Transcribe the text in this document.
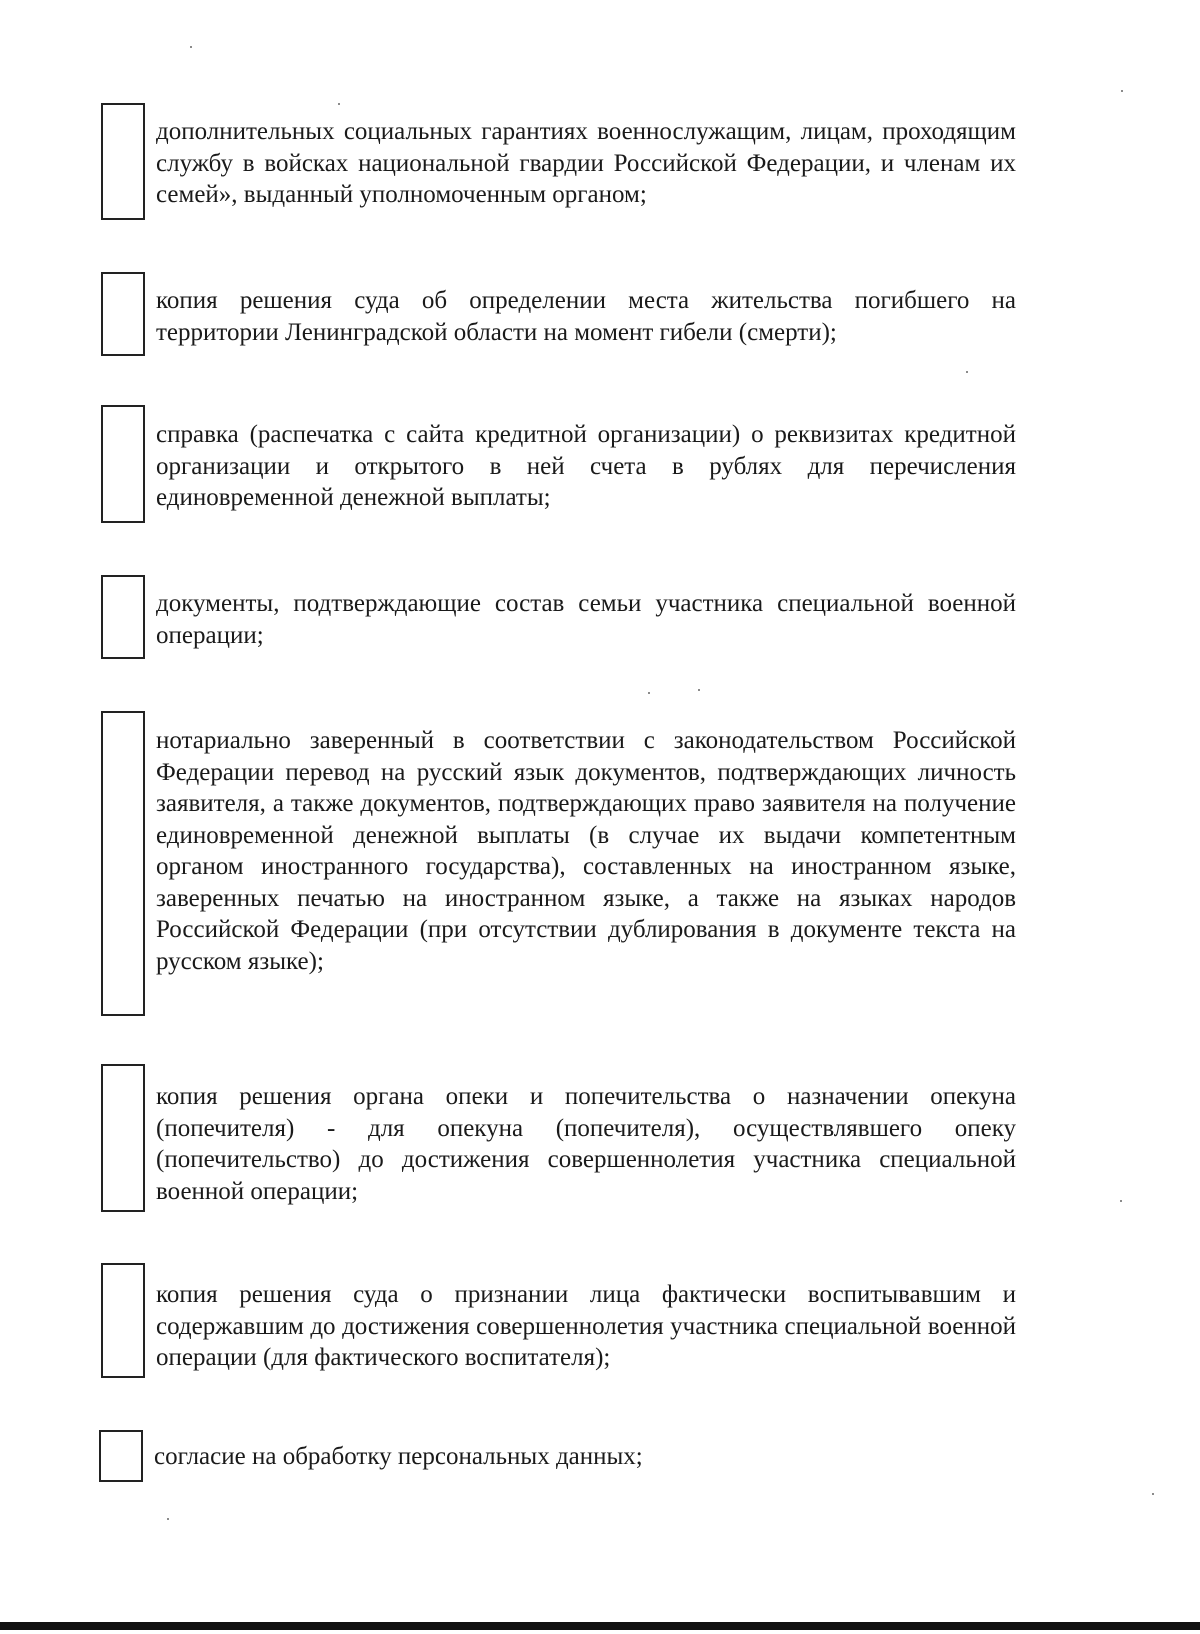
дополнительных социальных гарантиях военнослужащим, лицам, проходящим службу в войсках национальной гвардии Российской Федерации, и членам их семей», выданный уполномоченным органом;
копия решения суда об определении места жительства погибшего на территории Ленинградской области на момент гибели (смерти);
справка (распечатка с сайта кредитной организации) о реквизитах кредитной организации и открытого в ней счета в рублях для перечисления единовременной денежной выплаты;
документы, подтверждающие состав семьи участника специальной военной операции;
нотариально заверенный в соответствии с законодательством Российской Федерации перевод на русский язык документов, подтверждающих личность заявителя, а также документов, подтверждающих право заявителя на получение единовременной денежной выплаты (в случае их выдачи компетентным органом иностранного государства), составленных на иностранном языке, заверенных печатью на иностранном языке, а также на языках народов Российской Федерации (при отсутствии дублирования в документе текста на русском языке);
копия решения органа опеки и попечительства о назначении опекуна (попечителя) - для опекуна (попечителя), осуществлявшего опеку (попечительство) до достижения совершеннолетия участника специальной военной операции;
копия решения суда о признании лица фактически воспитывавшим и содержавшим до достижения совершеннолетия участника специальной военной операции (для фактического воспитателя);
согласие на обработку персональных данных;
